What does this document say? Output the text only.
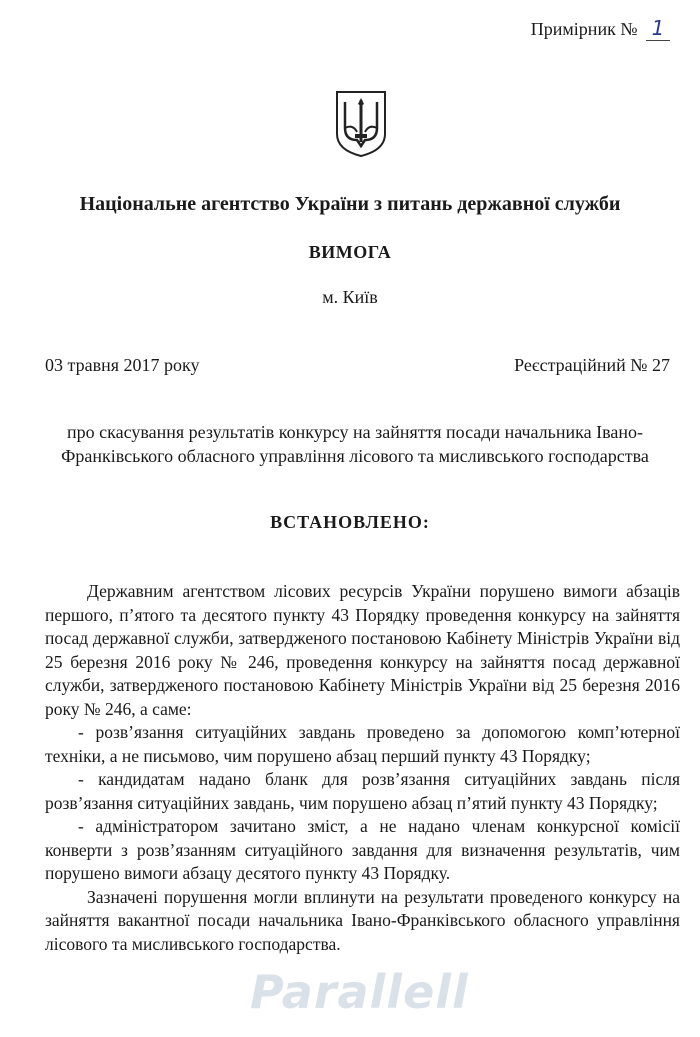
Примірник № 1
Національне агентство України з питань державної служби
ВИМОГА
м. Київ
03 травня 2017 року	Реєстраційний № 27
про скасування результатів конкурсу на зайняття посади начальника Івано-Франківського обласного управління лісового та мисливського господарства
ВСТАНОВЛЕНО:

Державним агентством лісових ресурсів України порушено вимоги абзаців першого, п’ятого та десятого пункту 43 Порядку проведення конкурсу на зайняття посад державної служби, затвердженого постановою Кабінету Міністрів України від 25 березня 2016 року № 246, проведення конкурсу на зайняття посад державної служби, затвердженого постановою Кабінету Міністрів України від 25 березня 2016 року № 246, а саме:

- розв’язання ситуаційних завдань проведено за допомогою комп’ютерної техніки, а не письмово, чим порушено абзац перший пункту 43 Порядку;

- кандидатам надано бланк для розв’язання ситуаційних завдань після розв’язання ситуаційних завдань, чим порушено абзац п’ятий пункту 43 Порядку;

- адміністратором зачитано зміст, а не надано членам конкурсної комісії конверти з розв’язанням ситуаційного завдання для визначення результатів, чим порушено вимоги абзацу десятого пункту 43 Порядку.

Зазначені порушення могли вплинути на результати проведеного конкурсу на зайняття вакантної посади начальника Івано-Франківського обласного управління лісового та мисливського господарства.

Parallell
